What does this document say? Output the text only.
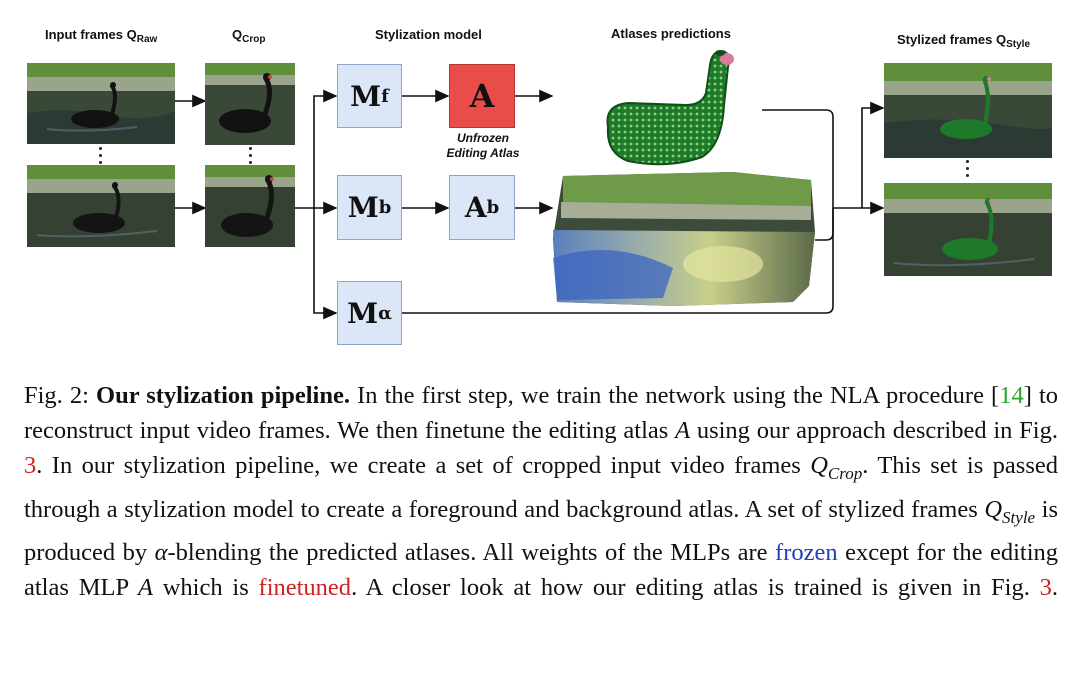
Input frames $Q_{Raw}$	$Q_{Crop}$	Stylization model	Atlases predictions	Stylized frames $Q_{Style}$
M f
M b
M α
A
Unfrozen
Editing Atlas
A b
Fig. 2: Our stylization pipeline. In the first step, we train the network using the NLA procedure [14] to reconstruct input video frames. We then finetune the editing atlas A using our approach described in Fig. 3. In our stylization pipeline, we create a set of cropped input video frames $Q_{Crop}$. This set is passed through a stylization model to create a foreground and background atlas. A set of stylized frames $Q_{Style}$ is produced by α-blending the predicted atlases. All weights of the MLPs are frozen except for the editing atlas MLP A which is finetuned. A closer look at how our editing atlas is trained is given in Fig. 3.
